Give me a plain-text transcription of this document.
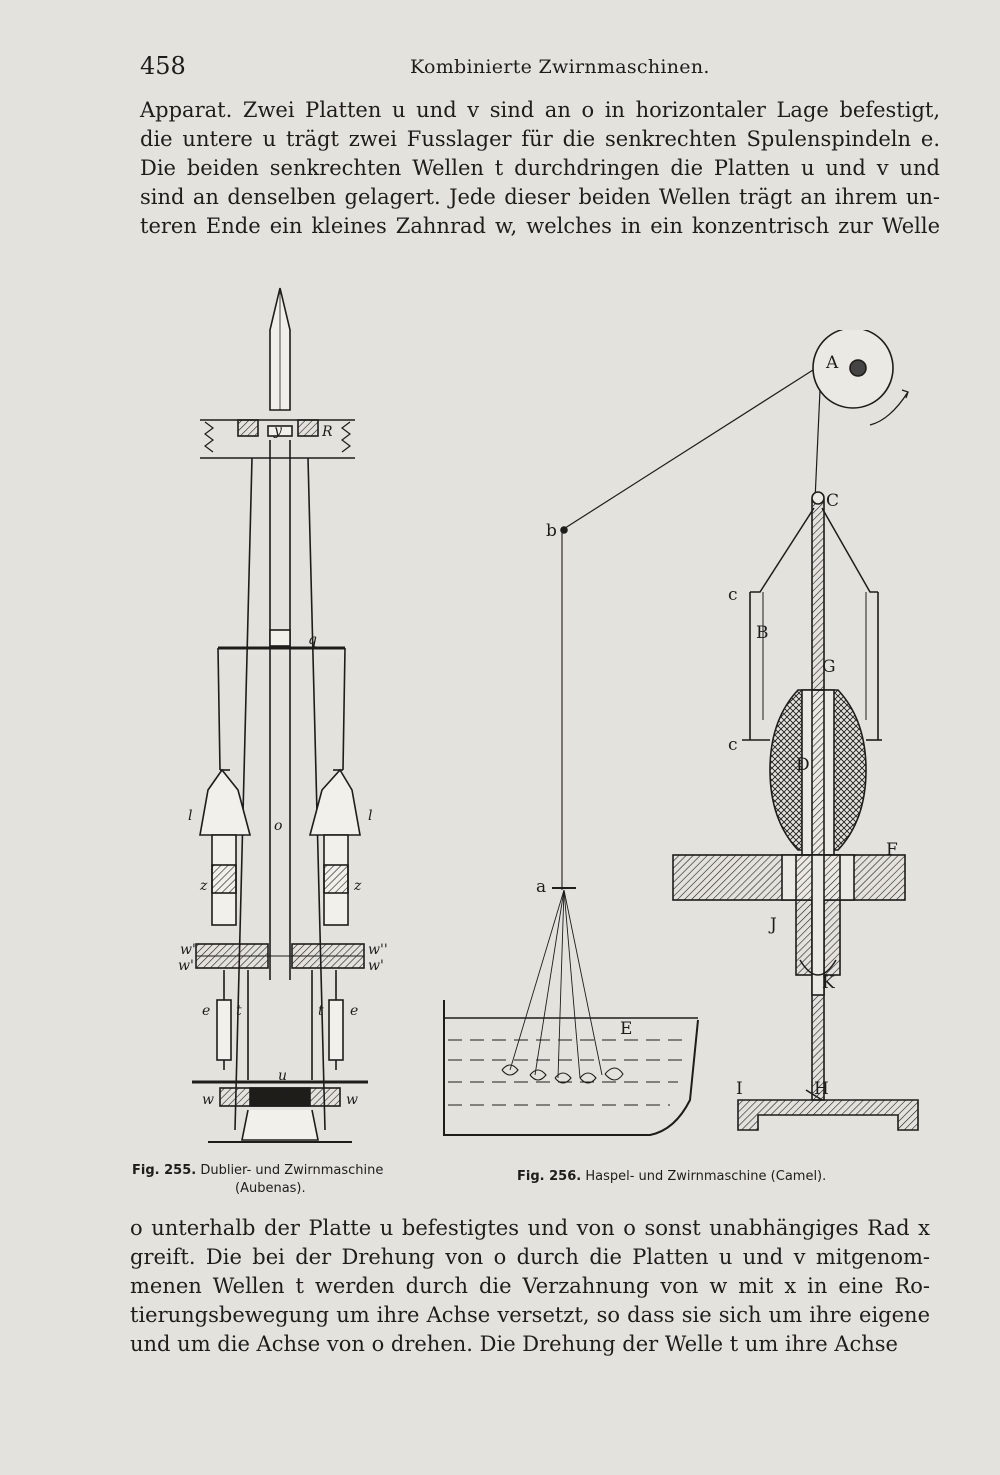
458	Kombinierte Zwirnmaschinen.
Apparat. Zwei Platten u und v sind an o in horizontaler Lage befestigt,
die untere u trägt zwei Fusslager für die senkrechten Spulenspindeln e.
Die beiden senkrechten Wellen t durchdringen die Platten u und v und
sind an denselben gelagert. Jede dieser beiden Wellen trägt an ihrem un-
teren Ende ein kleines Zahnrad w, welches in ein konzentrisch zur Welle
y	R
q
l	l
o
z	z
w'
w'
w''
w'
e	e
t	t
u
w	w
x
A
b
C
c
B
G
c
D
F
a
E
J
K
I	H
Fig. 255. Dublier- und Zwirnmaschine
(Aubenas).
Fig. 256. Haspel- und Zwirnmaschine (Camel).
o unterhalb der Platte u befestigtes und von o sonst unabhängiges Rad x
greift. Die bei der Drehung von o durch die Platten u und v mitgenom-
menen Wellen t werden durch die Verzahnung von w mit x in eine Ro-
tierungsbewegung um ihre Achse versetzt, so dass sie sich um ihre eigene
und um die Achse von o drehen. Die Drehung der Welle t um ihre Achse
